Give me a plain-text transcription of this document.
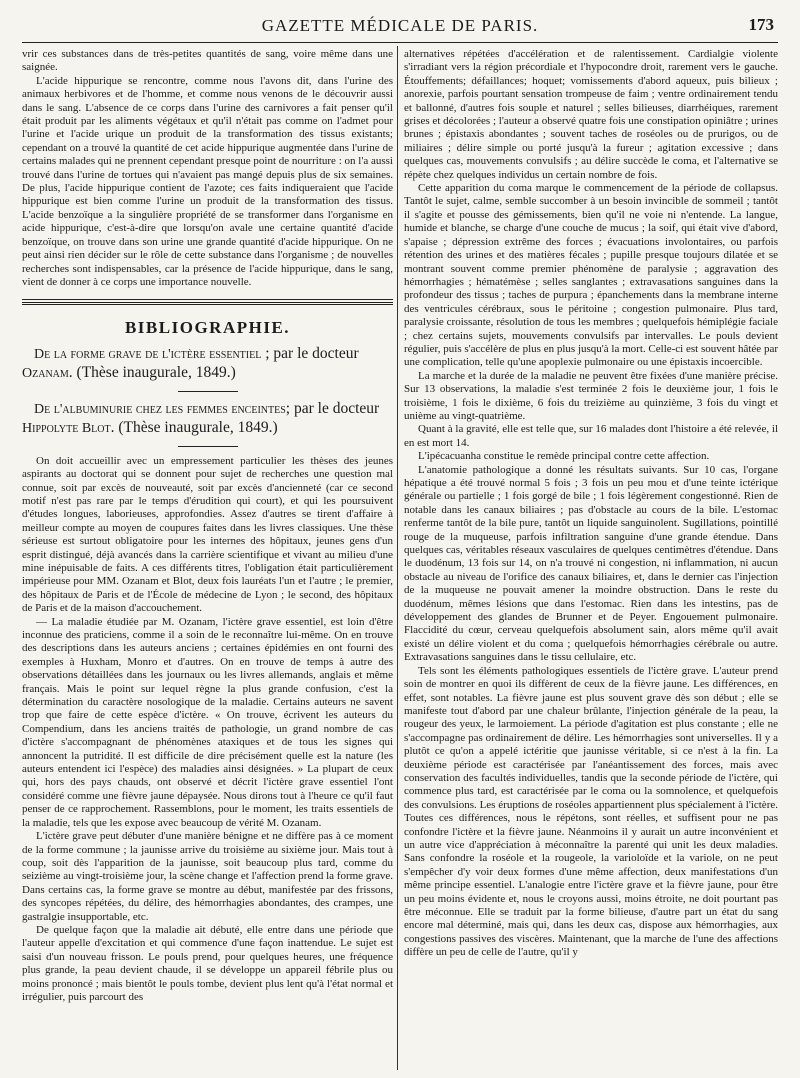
GAZETTE MÉDICALE DE PARIS.	173

vrir ces substances dans de très-petites quantités de sang, voire même dans une saignée.

L'acide hippurique se rencontre, comme nous l'avons dit, dans l'urine des animaux herbivores et de l'homme, et comme nous venons de le découvrir aussi dans le sang. L'absence de ce corps dans l'urine des carnivores a fait penser qu'il était produit par les aliments végétaux et qu'il n'était pas comme on l'admet pour l'urine et l'acide urique un produit de la transformation des tissus existants; cependant on a trouvé la quantité de cet acide hippurique augmentée dans l'urine de certains malades qui ne prennent cependant presque point de nourriture : on l'a aussi trouvé dans l'urine de tortues qui n'avaient pas mangé depuis plus de six semaines. De plus, l'acide hippurique contient de l'azote; ces faits indiqueraient que l'acide hippurique est bien comme l'urine un produit de la transformation des tissus. L'acide benzoïque a la singulière propriété de se transformer dans l'organisme en acide hippurique, c'est-à-dire que lorsqu'on avale une certaine quantité d'acide benzoïque, on trouve dans son urine une grande quantité d'acide hippurique. On ne peut ainsi rien décider sur le rôle de cette substance dans l'organisme ; de nouvelles recherches sont indispensables, car la présence de l'acide hippurique, dans le sang, vient de donner à ce corps une importance nouvelle.

BIBLIOGRAPHIE.
De la forme grave de l'ictère essentiel ; par le docteur Ozanam. (Thèse inaugurale, 1849.)
De l'albuminurie chez les femmes enceintes; par le docteur Hippolyte Blot. (Thèse inaugurale, 1849.)

On doit accueillir avec un empressement particulier les thèses des jeunes aspirants au doctorat qui se donnent pour sujet de recherches une question mal connue, soit par excès de nouveauté, soit par excès d'ancienneté (car ce second motif n'est pas rare par le temps d'érudition qui court), et qui les poursuivent d'études longues, laborieuses, approfondies. Assez d'autres se tirent d'affaire à meilleur compte au moyen de coupures faites dans les livres classiques. Une thèse sérieuse est surtout obligatoire pour les internes des hôpitaux, jeunes gens d'un esprit distingué, déjà avancés dans la carrière scientifique et vivant au milieu d'une mine inépuisable de faits. A ces différents titres, l'obligation était particulièrement impérieuse pour MM. Ozanam et Blot, deux fois lauréats l'un et l'autre ; le premier, des hôpitaux de Paris et de l'École de médecine de Lyon ; le second, des hôpitaux de Paris et de la maison d'accouchement.

— La maladie étudiée par M. Ozanam, l'ictère grave essentiel, est loin d'être inconnue des praticiens, comme il a soin de le reconnaître lui-même. On en trouve des descriptions dans les auteurs anciens ; certaines épidémies en ont fourni des exemples à Huxham, Monro et d'autres. On en trouve de temps à autre des observations détaillées dans les journaux ou les livres allemands, anglais et même français. Mais le point sur lequel règne la plus grande confusion, c'est la détermination du caractère nosologique de la maladie. Certains auteurs ne savent trop que faire de cette espèce d'ictère. « On trouve, écrivent les auteurs du Compendium, dans les anciens traités de pathologie, un grand nombre de cas d'ictère s'accompagnant de phénomènes ataxiques et de tous les signes qui annoncent la putridité. Il est difficile de dire précisément quelle est la nature (les auteurs entendent ici l'espèce) des maladies ainsi désignées. » La plupart de ceux qui, hors des pays chauds, ont observé et décrit l'ictère grave essentiel l'ont considéré comme une fièvre jaune dépaysée. Nous dirons tout à l'heure ce qu'il faut penser de ce rapprochement. Rassemblons, pour le moment, les traits essentiels de la maladie, tels que les expose avec beaucoup de vérité M. Ozanam.

L'ictère grave peut débuter d'une manière bénigne et ne diffère pas à ce moment de la forme commune ; la jaunisse arrive du troisième au sixième jour. Mais tout à coup, soit dès l'apparition de la jaunisse, soit beaucoup plus tard, comme du seizième au vingt-troisième jour, la scène change et l'affection prend la forme grave. Dans certains cas, la forme grave se montre au début, manifestée par des frissons, des syncopes répétées, du délire, des hémorrhagies abondantes, des crampes, une gastralgie insupportable, etc.

De quelque façon que la maladie ait débuté, elle entre dans une période que l'auteur appelle d'excitation et qui commence d'une façon inattendue. Le sujet est saisi d'un nouveau frisson. Le pouls prend, pour quelques heures, une fréquence plus grande, la peau devient chaude, il se développe un appareil fébrile plus ou moins prononcé ; mais bientôt le pouls tombe, devient plus lent qu'à l'état normal et irrégulier, puis parcourt des

alternatives répétées d'accélération et de ralentissement. Cardialgie violente s'irradiant vers la région précordiale et l'hypocondre droit, rarement vers le gauche. Étouffements; défaillances; hoquet; vomissements d'abord aqueux, puis bilieux ; anorexie, parfois pourtant sensation trompeuse de faim ; ventre ordinairement tendu et ballonné, d'autres fois souple et naturel ; selles bilieuses, diarrhéiques, rarement grises et décolorées ; l'auteur a observé quatre fois une constipation opiniâtre ; urines brunes ; épistaxis abondantes ; souvent taches de roséoles ou de prurigos, ou de miliaires ; délire simple ou porté jusqu'à la fureur ; agitation excessive ; dans quelques cas, mouvements convulsifs ; au délire succède le coma, et l'alternative se répète chez quelques individus un certain nombre de fois.

Cette apparition du coma marque le commencement de la période de collapsus. Tantôt le sujet, calme, semble succomber à un besoin invincible de sommeil ; tantôt il s'agite et pousse des gémissements, bien qu'il ne voie ni n'entende. La langue, humide et blanche, se charge d'une couche de mucus ; la soif, qui était vive d'abord, s'apaise ; dépression extrême des forces ; évacuations involontaires, ou parfois rétention des urines et des matières fécales ; pupille presque toujours dilatée et se montrant souvent comme premier phénomène de paralysie ; aggravation des hémorrhagies ; hématémèse ; selles sanglantes ; extravasations sanguines dans la profondeur des tissus ; taches de purpura ; épanchements dans la membrane interne des ventricules cérébraux, sous le péritoine ; congestion pulmonaire. Plus tard, paralysie croissante, résolution de tous les membres ; quelquefois hémiplégie faciale ; chez certains sujets, mouvements convulsifs par intervalles. Le pouls devient régulier, puis s'accélère de plus en plus jusqu'à la mort. Celle-ci est souvent hâtée par une complication, telle qu'une apoplexie pulmonaire ou une épistaxis incoercible.

La marche et la durée de la maladie ne peuvent être fixées d'une manière précise. Sur 13 observations, la maladie s'est terminée 2 fois le deuxième jour, 1 fois le troisième, 1 fois le dixième, 6 fois du treizième au quinzième, 3 fois du vingt et unième au vingt-quatrième.

Quant à la gravité, elle est telle que, sur 16 malades dont l'histoire a été relevée, il en est mort 14.

L'ipécacuanha constitue le remède principal contre cette affection.

L'anatomie pathologique a donné les résultats suivants. Sur 10 cas, l'organe hépatique a été trouvé normal 5 fois ; 3 fois un peu mou et d'une teinte ictérique générale ou partielle ; 1 fois gorgé de bile ; 1 fois légèrement congestionné. Rien de notable dans les canaux biliaires ; pas d'obstacle au cours de la bile. L'estomac renferme tantôt de la bile pure, tantôt un liquide sanguinolent. Sugillations, pointillé rouge de la muqueuse, parfois infiltration sanguine d'une grande étendue. Dans quelques cas, véritables réseaux vasculaires de quelques centimètres d'étendue. Dans le duodénum, 13 fois sur 14, on n'a trouvé ni congestion, ni inflammation, ni aucun obstacle au niveau de l'orifice des canaux biliaires, et, dans le dernier cas l'injection de la muqueuse ne pouvait amener la moindre obstruction. Dans le reste du duodénum, mêmes lésions que dans l'estomac. Rien dans les intestins, pas de développement des glandes de Brunner et de Peyer. Engouement pulmonaire. Flaccidité du cœur, cerveau quelquefois absolument sain, alors même qu'il avait existé un délire violent et du coma ; quelquefois hémorrhagies cérébrale ou autre. Extravasations sanguines dans le tissu cellulaire, etc.

Tels sont les éléments pathologiques essentiels de l'ictère grave. L'auteur prend soin de montrer en quoi ils diffèrent de ceux de la fièvre jaune. Les différences, en effet, sont notables. La fièvre jaune est plus souvent grave dès son début ; elle se manifeste tout d'abord par une chaleur brûlante, l'injection générale de la peau, la rougeur des yeux, le larmoiement. La période d'agitation est plus constante ; elle ne s'accompagne pas ordinairement de délire. Les hémorrhagies sont universelles. Il y a plutôt ce qu'on a appelé ictéritie que jaunisse véritable, si ce n'est à la fin. La deuxième période est caractérisée par l'anéantissement des forces, mais avec conservation des facultés individuelles, tandis que la seconde période de l'ictère, qui commence plus tard, est caractérisée par le coma ou la somnolence, et quelquefois des convulsions. Les éruptions de roséoles appartiennent plus spécialement à l'ictère. Toutes ces différences, nous le répétons, sont réelles, et suffisent pour ne pas confondre l'ictère et la fièvre jaune. Néanmoins il y aurait un autre inconvénient et un autre vice d'appréciation à méconnaître la parenté qui unit les deux maladies. Sans confondre la roséole et la rougeole, la varioloïde et la variole, on ne peut s'empêcher d'y voir deux formes d'une même affection, deux manifestations d'un même principe essentiel. L'analogie entre l'ictère grave et la fièvre jaune, pour être un peu moins évidente et, nous le croyons aussi, moins étroite, ne doit pourtant pas être méconnue. Elle se traduit par la forme bilieuse, d'autre part un état du sang encore mal déterminé, mais qui, dans les deux cas, dispose aux hémorrhagies, aux congestions passives des viscères. Maintenant, que la marche de l'une des affections diffère un peu de celle de l'autre, qu'il y
